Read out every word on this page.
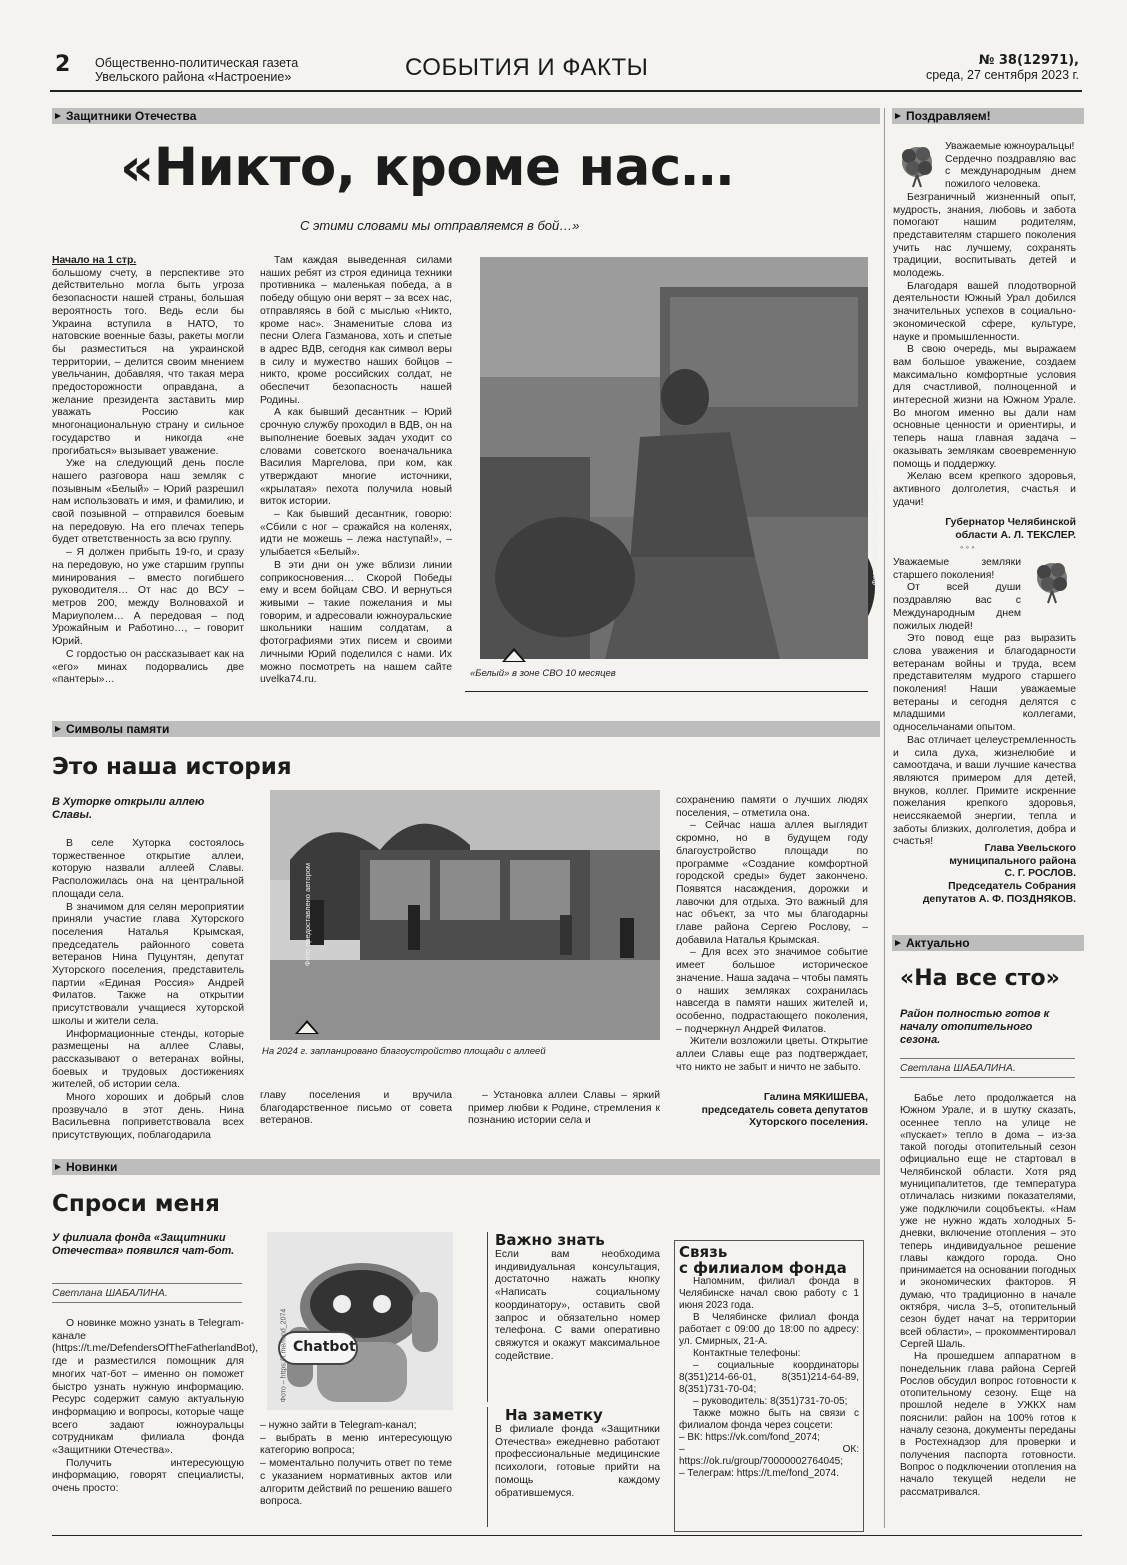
2 Общественно-политическая газета
Увельского района «Настроение»	СОБЫТИЯ И ФАКТЫ	№ 38(12971),
среда, 27 сентября 2023 г.
Защитники Отечества
«Никто, кроме нас…
С этими словами мы отправляемся в бой…»

Начало на 1 стр.

большому счету, в перспективе это действительно могла быть угроза безопасности нашей страны, большая вероятность того. Ведь если бы Украина вступила в НАТО, то натовские военные базы, ракеты могли бы разместиться на украинской территории, – делится своим мнением увельчанин, добавляя, что такая мера предосторожности оправдана, а желание президента заставить мир уважать Россию как многонациональную страну и сильное государство и никогда «не прогибаться» вызывает уважение.

Уже на следующий день после нашего разговора наш земляк с позывным «Белый» – Юрий разрешил нам использовать и имя, и фамилию, и свой позывной – отправился боевым на передовую. На его плечах теперь будет ответственность за всю группу.

– Я должен прибыть 19-го, и сразу на передовую, но уже старшим группы минирования – вместо погибшего руководителя… От нас до ВСУ – метров 200, между Волновахой и Мариуполем… А передовая – под Урожайным и Работино…, – говорит Юрий.

С гордостью он рассказывает как на «его» минах подорвались две «пантеры»…

Там каждая выведенная силами наших ребят из строя единица техники противника – маленькая победа, а в победу общую они верят – за всех нас, отправляясь в бой с мыслью «Никто, кроме нас». Знаменитые слова из песни Олега Газманова, хоть и спетые в адрес ВДВ, сегодня как символ веры в силу и мужество наших бойцов – никто, кроме российских солдат, не обеспечит безопасность нашей Родины.

А как бывший десантник – Юрий срочную службу проходил в ВДВ, он на выполнение боевых задач уходит со словами советского военачальника Василия Маргелова, при ком, как утверждают многие источники, «крылатая» пехота получила новый виток истории.

– Как бывший десантник, говорю: «Сбили с ног – сражайся на коленях, идти не можешь – лежа наступай!», – улыбается «Белый».

В эти дни он уже вблизи линии соприкосновения… Скорой Победы ему и всем бойцам СВО. И вернуться живыми – такие пожелания и мы говорим, и адресовали южноуральские школьники нашим солдатам, а фотографиями этих писем и своими личными Юрий поделился с нами. Их можно посмотреть на нашем сайте uvelka74.ru.

Фото предоставлено Юрием БЕЛИКОМ
«Белый» в зоне СВО 10 месяцев
Символы памяти
Это наша история
В Хуторке открыли аллею Славы.

В селе Хуторка состоялось торжественное открытие аллеи, которую назвали аллеей Славы. Расположилась она на центральной площади села.

В значимом для селян мероприятии приняли участие глава Хуторского поселения Наталья Крымская, председатель районного совета ветеранов Нина Пуцунтян, депутат Хуторского поселения, представитель партии «Единая Россия» Андрей Филатов. Также на открытии присутствовали учащиеся хуторской школы и жители села.

Информационные стенды, которые размещены на аллее Славы, рассказывают о ветеранах войны, боевых и трудовых достижениях жителей, об истории села.

Много хороших и добрый слов прозвучало в этот день. Нина Васильевна поприветствовала всех присутствующих, поблагодарила

Фото предоставлено автором
На 2024 г. запланировано благоустройство площади с аллеей

главу поселения и вручила благодарственное письмо от совета ветеранов.

– Установка аллеи Славы – яркий пример любви к Родине, стремления к познанию истории села и

сохранению памяти о лучших людях поселения, – отметила она.

– Сейчас наша аллея выглядит скромно, но в будущем году благоустройство площади по программе «Создание комфортной городской среды» будет закончено. Появятся насаждения, дорожки и лавочки для отдыха. Это важный для нас объект, за что мы благодарны главе района Сергею Рослову, – добавила Наталья Крымская.

– Для всех это значимое событие имеет большое историческое значение. Наша задача – чтобы память о наших земляках сохранилась навсегда в памяти наших жителей и, особенно, подрастающего поколения, – подчеркнул Андрей Филатов.

Жители возложили цветы. Открытие аллеи Славы еще раз подтверждает, что никто не забыт и ничто не забыто.

Галина МЯКИШЕВА,
председатель совета депутатов
Хуторского поселения.
Новинки
Спроси меня
У филиала фонда «Защитники Отечества» появился чат-бот.
Светлана ШАБАЛИНА.

О новинке можно узнать в Telegram-канале (https://t.me/DefendersOfTheFatherlandBot), где и разместился помощник для многих чат-бот – именно он поможет быстро узнать нужную информацию. Ресурс содержит самую актуальную информацию и вопросы, которые чаще всего задают южноуральцы сотрудникам филиала фонда «Защитники Отечества».

Получить интересующую информацию, говорят специалисты, очень просто:

Chatbot
Фото – https://t.me/fond_2074

– нужно зайти в Telegram-канал;

– выбрать в меню интересующую категорию вопроса;

– моментально получить ответ по теме с указанием нормативных актов или алгоритм действий по решению вашего вопроса.

Важно знать
Если вам необходима индивидуальная консультация, достаточно нажать кнопку «Написать социальному координатору», оставить свой запрос и обязательно номер телефона. С вами оперативно свяжутся и окажут максимальное содействие.
На заметку
В филиале фонда «Защитники Отечества» ежедневно работают профессиональные медицинские психологи, готовые прийти на помощь каждому обратившемуся.
Связь
с филиалом фонда

Напомним, филиал фонда в Челябинске начал свою работу с 1 июня 2023 года.

В Челябинске филиал фонда работает с 09:00 до 18:00 по адресу: ул. Смирных, 21-А.

Контактные телефоны:

– социальные координаторы 8(351)214-66-01, 8(351)214-64-89, 8(351)731-70-04;

– руководитель: 8(351)731-70-05;

Также можно быть на связи с филиалом фонда через соцсети:

– ВК: https://vk.com/fond_2074;

– ОК: https://ok.ru/group/70000002764045;

– Телеграм: https://t.me/fond_2074.

Поздравляем!

Уважаемые южноуральцы!

Сердечно поздравляю вас с международным днем пожилого человека.

Безграничный жизненный опыт, мудрость, знания, любовь и забота помогают нашим родителям, представителям старшего поколения учить нас лучшему, сохранять традиции, воспитывать детей и молодежь.

Благодаря вашей плодотворной деятельности Южный Урал добился значительных успехов в социально-экономической сфере, культуре, науке и промышленности.

В свою очередь, мы выражаем вам большое уважение, создаем максимально комфортные условия для счастливой, полноценной и интересной жизни на Южном Урале. Во многом именно вы дали нам основные ценности и ориентиры, и теперь наша главная задача – оказывать землякам своевременную помощь и поддержку.

Желаю всем крепкого здоровья, активного долголетия, счастья и удачи!

Губернатор Челябинской
области А. Л. ТЕКСЛЕР.
◦ ◦ ◦

Уважаемые земляки старшего поколения!

От всей души поздравляю вас с Международным днем пожилых людей!

Это повод еще раз выразить слова уважения и благодарности ветеранам войны и труда, всем представителям мудрого старшего поколения! Наши уважаемые ветераны и сегодня делятся с младшими коллегами, односельчанами опытом.

Вас отличает целеустремленность и сила духа, жизнелюбие и самоотдача, и ваши лучшие качества являются примером для детей, внуков, коллег. Примите искренние пожелания крепкого здоровья, неиссякаемой энергии, тепла и заботы близких, долголетия, добра и счастья!

Глава Увельского
муниципального района
С. Г. РОСЛОВ.
Председатель Собрания
депутатов А. Ф. ПОЗДНЯКОВ.
Актуально
«На все сто»
Район полностью готов к началу отопительного сезона.
Светлана ШАБАЛИНА.

Бабье лето продолжается на Южном Урале, и в шутку сказать, осеннее тепло на улице не «пускает» тепло в дома – из-за такой погоды отопительный сезон официально еще не стартовал в Челябинской области. Хотя ряд муниципалитетов, где температура отличалась низкими показателями, уже подключили соцобъекты. «Нам уже не нужно ждать холодных 5-дневки, включение отопления – это теперь индивидуальное решение главы каждого города. Оно принимается на основании погодных и экономических факторов. Я думаю, что традиционно в начале октября, числа 3–5, отопительный сезон будет начат на территории всей области», – прокомментировал Сергей Шаль.

На прошедшем аппаратном в понедельник глава района Сергей Рослов обсудил вопрос готовности к отопительному сезону. Еще на прошлой неделе в УЖКХ нам пояснили: район на 100% готов к началу сезона, документы переданы в Ростехнадзор для проверки и получения паспорта готовности. Вопрос о подключении отопления на начало текущей недели не рассматривался.
